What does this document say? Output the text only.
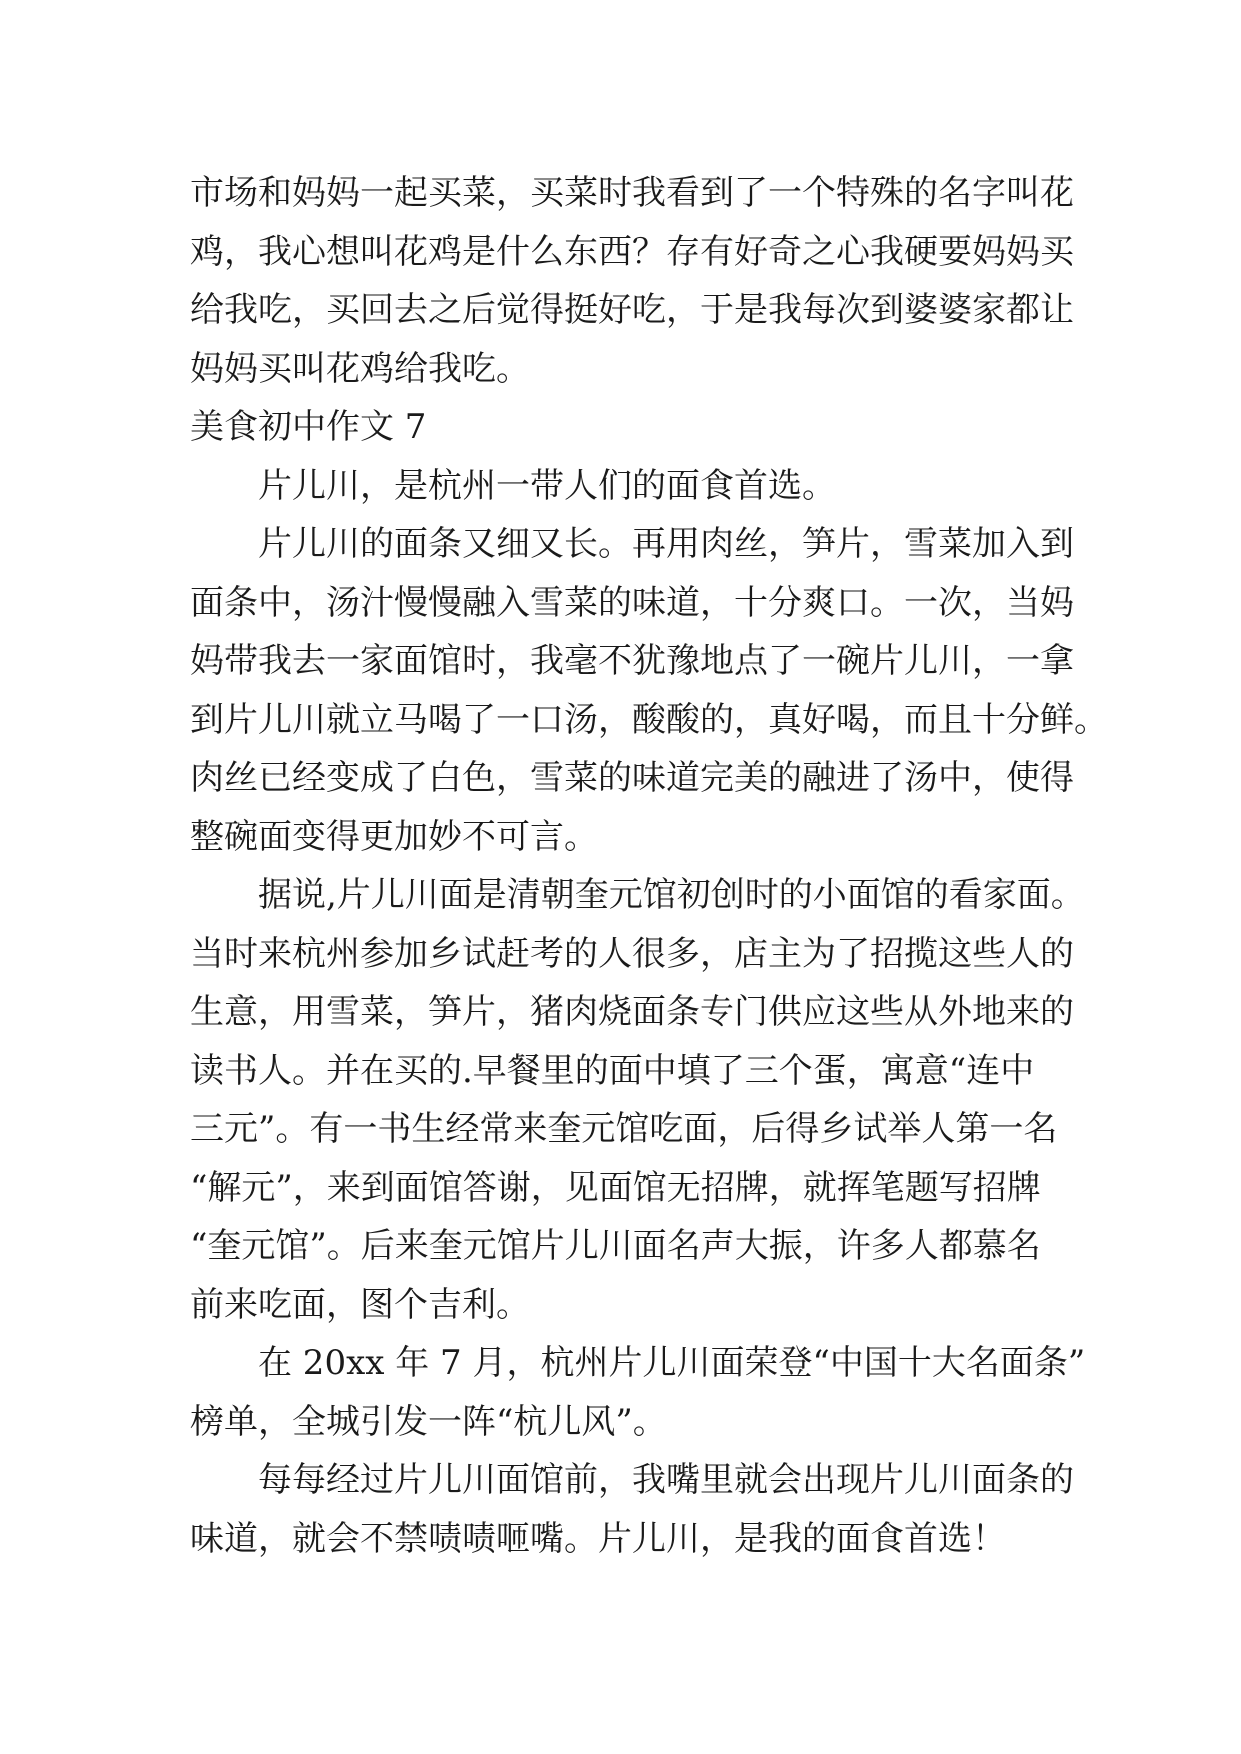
市场和妈妈一起买菜，买菜时我看到了一个特殊的名字叫花
鸡，我心想叫花鸡是什么东西？存有好奇之心我硬要妈妈买
给我吃，买回去之后觉得挺好吃，于是我每次到婆婆家都让
妈妈买叫花鸡给我吃。
美食初中作文 7
片儿川，是杭州一带人们的面食首选。
片儿川的面条又细又长。再用肉丝，笋片，雪菜加入到
面条中，汤汁慢慢融入雪菜的味道，十分爽口。一次，当妈
妈带我去一家面馆时，我毫不犹豫地点了一碗片儿川，一拿
到片儿川就立马喝了一口汤，酸酸的，真好喝，而且十分鲜。
肉丝已经变成了白色，雪菜的味道完美的融进了汤中，使得
整碗面变得更加妙不可言。
据说,片儿川面是清朝奎元馆初创时的小面馆的看家面。
当时来杭州参加乡试赶考的人很多，店主为了招揽这些人的
生意，用雪菜，笋片，猪肉烧面条专门供应这些从外地来的
读书人。并在买的.早餐里的面中填了三个蛋，寓意“连中
三元”。有一书生经常来奎元馆吃面，后得乡试举人第一名
“解元”，来到面馆答谢，见面馆无招牌，就挥笔题写招牌
“奎元馆”。后来奎元馆片儿川面名声大振，许多人都慕名
前来吃面，图个吉利。
在 20xx 年 7 月，杭州片儿川面荣登“中国十大名面条”
榜单，全城引发一阵“杭儿风”。
每每经过片儿川面馆前，我嘴里就会出现片儿川面条的
味道，就会不禁啧啧咂嘴。片儿川，是我的面食首选！
